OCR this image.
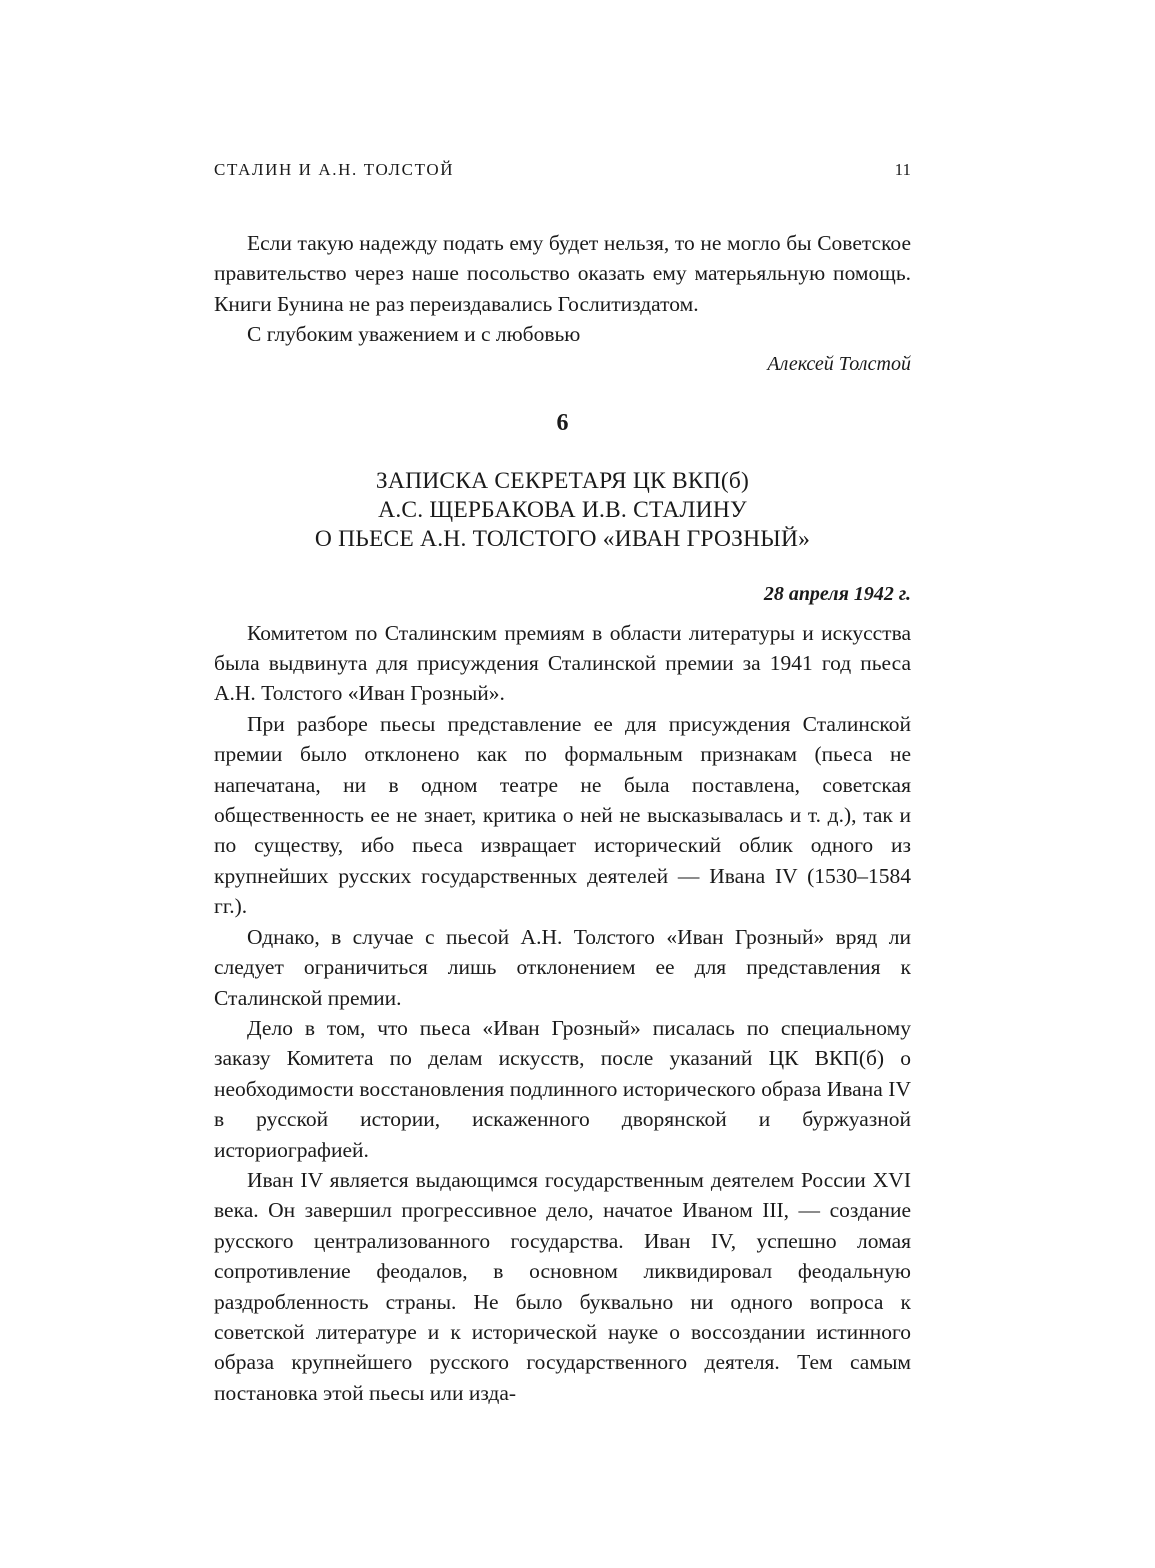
СТАЛИН И А.Н. ТОЛСТОЙ	11

Если такую надежду подать ему будет нельзя, то не могло бы Советское правительство через наше посольство оказать ему матерьяльную помощь. Книги Бунина не раз переиздавались Гослитиздатом.

С глубоким уважением и с любовью

Алексей Толстой
6
ЗАПИСКА СЕКРЕТАРЯ ЦК ВКП(б)
А.С. ЩЕРБАКОВА И.В. СТАЛИНУ
О ПЬЕСЕ А.Н. ТОЛСТОГО «ИВАН ГРОЗНЫЙ»
28 апреля 1942 г.

Комитетом по Сталинским премиям в области литературы и искусства была выдвинута для присуждения Сталинской премии за 1941 год пьеса А.Н. Толстого «Иван Грозный».

При разборе пьесы представление ее для присуждения Сталинской премии было отклонено как по формальным признакам (пьеса не напечатана, ни в одном театре не была поставлена, советская общественность ее не знает, критика о ней не высказывалась и т. д.), так и по существу, ибо пьеса извращает исторический облик одного из крупнейших русских государственных деятелей — Ивана IV (1530–1584 гг.).

Однако, в случае с пьесой А.Н. Толстого «Иван Грозный» вряд ли следует ограничиться лишь отклонением ее для представления к Сталинской премии.

Дело в том, что пьеса «Иван Грозный» писалась по специальному заказу Комитета по делам искусств, после указаний ЦК ВКП(б) о необходимости восстановления подлинного исторического образа Ивана IV в русской истории, искаженного дворянской и буржуазной историографией.

Иван IV является выдающимся государственным деятелем России XVI века. Он завершил прогрессивное дело, начатое Иваном III, — создание русского централизованного государства. Иван IV, успешно ломая сопротивление феодалов, в основном ликвидировал феодальную раздробленность страны. Не было буквально ни одного вопроса к советской литературе и к исторической науке о воссоздании истинного образа крупнейшего русского государственного деятеля. Тем самым постановка этой пьесы или изда-
